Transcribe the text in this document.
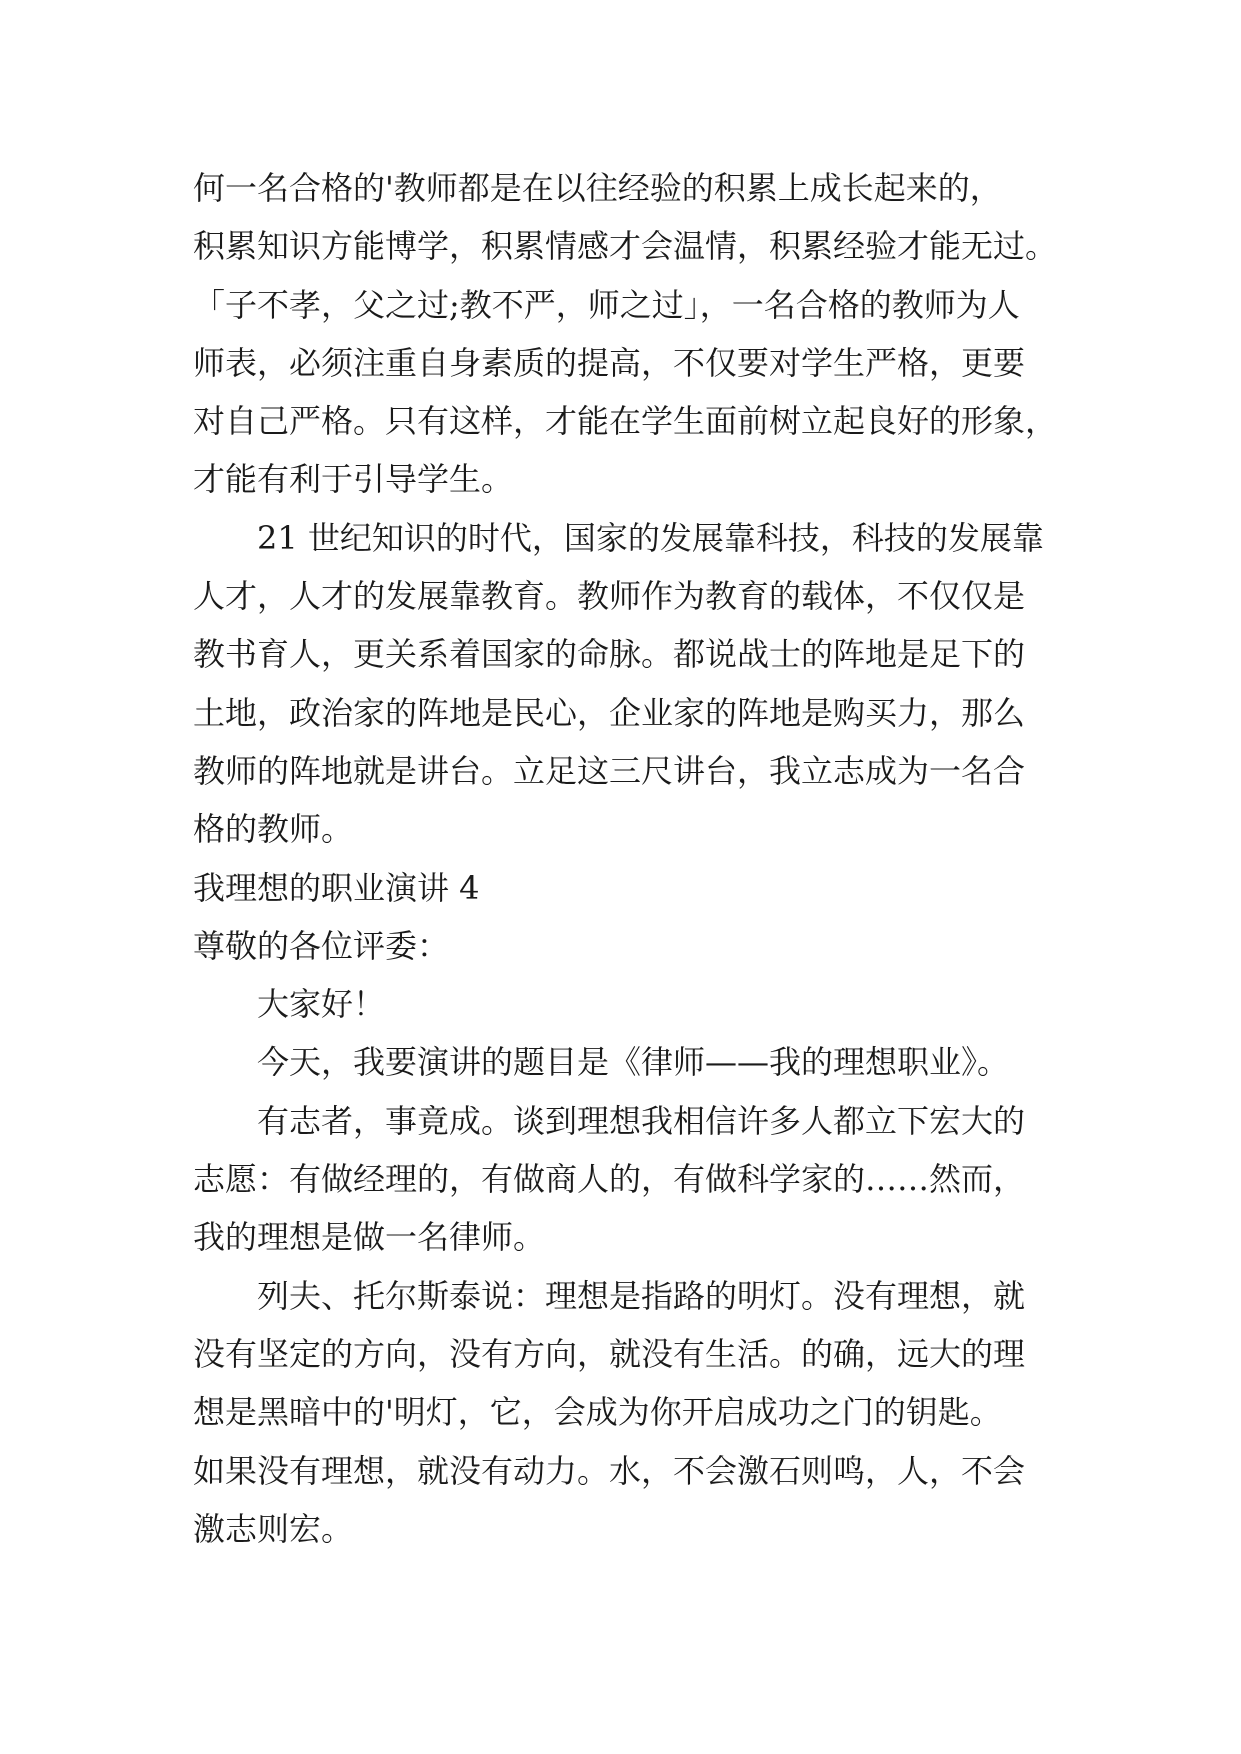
何一名合格的'教师都是在以往经验的积累上成长起来的，
积累知识方能博学，积累情感才会温情，积累经验才能无过。
「子不孝，父之过;教不严，师之过」，一名合格的教师为人
师表，必须注重自身素质的提高，不仅要对学生严格，更要
对自己严格。只有这样，才能在学生面前树立起良好的形象，
才能有利于引导学生。
21 世纪知识的时代，国家的发展靠科技，科技的发展靠
人才，人才的发展靠教育。教师作为教育的载体，不仅仅是
教书育人，更关系着国家的命脉。都说战士的阵地是足下的
土地，政治家的阵地是民心，企业家的阵地是购买力，那么
教师的阵地就是讲台。立足这三尺讲台，我立志成为一名合
格的教师。
我理想的职业演讲 4
尊敬的各位评委：
大家好！
今天，我要演讲的题目是《律师——我的理想职业》。
有志者，事竟成。谈到理想我相信许多人都立下宏大的
志愿：有做经理的，有做商人的，有做科学家的……然而，
我的理想是做一名律师。
列夫、托尔斯泰说：理想是指路的明灯。没有理想，就
没有坚定的方向，没有方向，就没有生活。的确，远大的理
想是黑暗中的'明灯，它，会成为你开启成功之门的钥匙。
如果没有理想，就没有动力。水，不会激石则鸣，人，不会
激志则宏。
